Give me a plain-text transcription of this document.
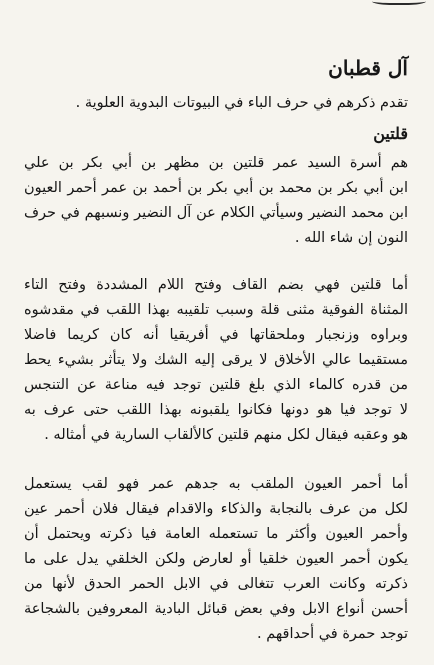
آل قطبان

تقدم ذكرهم في حرف الباء في البيوتات البدوية العلوية .

قلتين

هم أسرة السيد عمر قلتين بن مظهر بن أبي بكر بن علي

ابن أبي بكر بن محمد بن أبي بكر بن أحمد بن عمر أحمر العيون

ابن محمد النضير وسيأتي الكلام عن آل النضير ونسبهم في حرف

النون إن شاء الله .

أما قلتين فهي بضم القاف وفتح اللام المشددة وفتح التاء

المثناة الفوقية مثنى قلة وسبب تلقيبه بهذا اللقب في مقدشوه

وبراوه وزنجبار وملحقاتها في أفريقيا أنه كان كريما فاضلا

مستقيما عالي الأخلاق لا يرقى إليه الشك ولا يتأثر بشيء يحط

من قدره كالماء الذي بلغ قلتين توجد فيه مناعة عن التنجس

لا توجد فيا هو دونها فكانوا يلقبونه بهذا اللقب حتى عرف به

هو وعقبه فيقال لكل منهم قلتين كالألقاب السارية في أمثاله .

أما أحمر العيون الملقب به جدهم عمر فهو لقب يستعمل

لكل من عرف بالنجابة والذكاء والاقدام فيقال فلان أحمر عين

وأحمر العيون وأكثر ما تستعمله العامة فيا ذكرته ويحتمل أن

يكون أحمر العيون خلقيا أو لعارض ولكن الخلقي يدل على ما

ذكرته وكانت العرب تتغالى في الابل الحمر الحدق لأنها من

أحسن أنواع الابل وفي بعض قبائل البادية المعروفين بالشجاعة

توجد حمرة في أحداقهم .
